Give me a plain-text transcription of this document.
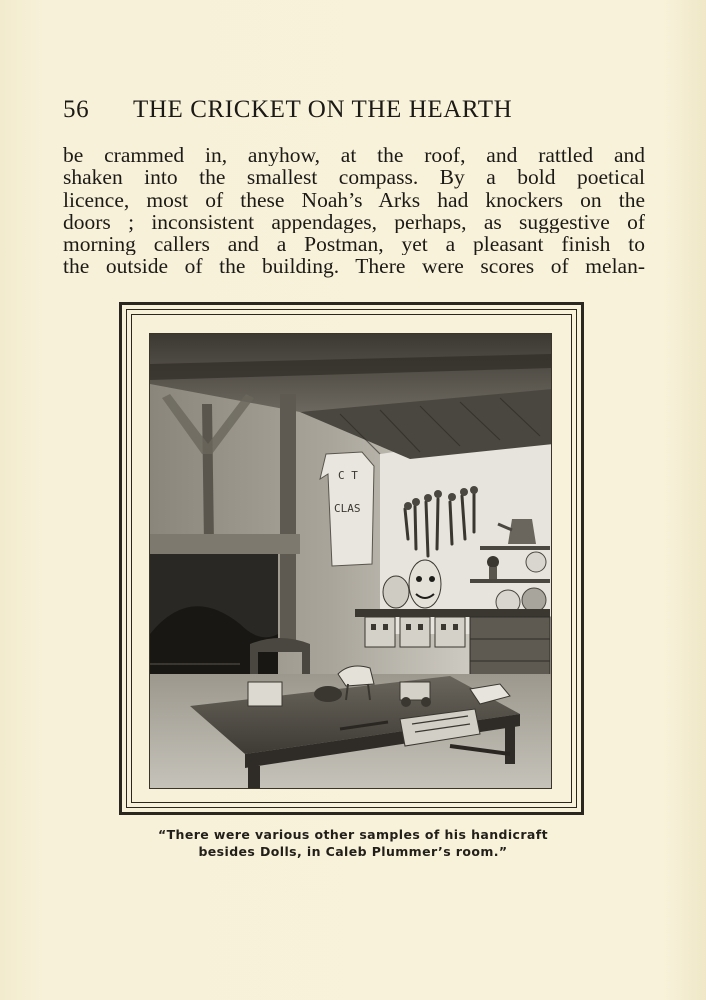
56 THE CRICKET ON THE HEARTH
be crammed in, anyhow, at the roof, and rattled and
shaken into the smallest compass. By a bold poetical
licence, most of these Noah’s Arks had knockers on the
doors ; inconsistent appendages, perhaps, as suggestive of
morning callers and a Postman, yet a pleasant finish to
the outside of the building. There were scores of melan-
C T
CLAS
“There were various other samples of his handicraft
besides Dolls, in Caleb Plummer’s room.”
